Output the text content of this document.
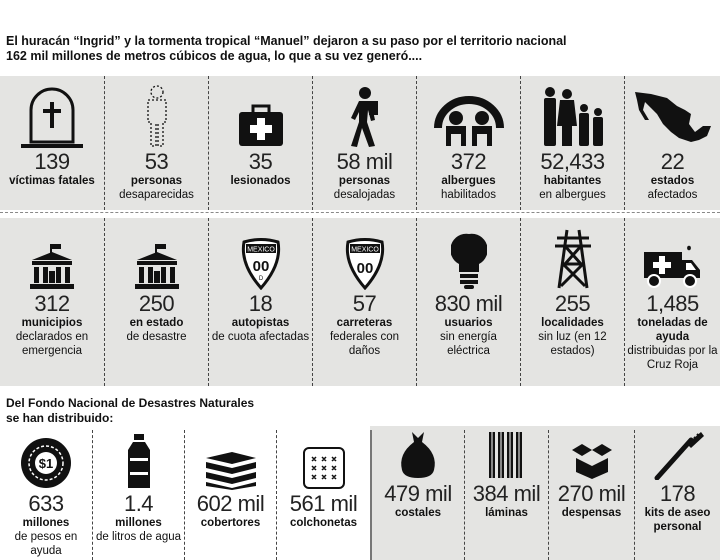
El huracán “Ingrid” y la tormenta tropical “Manuel” dejaron a su paso por el territorio nacional
162 mil millones de metros cúbicos de agua, lo que a su vez generó....
139
víctimas fatales
53
personas
desaparecidas
35
lesionados
58 mil
personas
desalojadas
372
albergues
habilitados
52,433
habitantes
en albergues
22
estados
afectados
312
municipios
declarados en emergencia
250
en estado
de desastre
MEXICO
00
D
18
autopistas
de cuota afectadas
MEXICO
00
57
carreteras
federales con daños
830 mil
usuarios
sin energía eléctrica
255
localidades
sin luz (en 12 estados)
1,485
toneladas de ayuda
distribuidas por la Cruz Roja
Del Fondo Nacional de Desastres Naturales
se han distribuido:
$1
633
millones
de pesos en ayuda
1.4
millones
de litros de agua
602 mil
cobertores
561 mil
colchonetas
479 mil
costales
384 mil
láminas
270 mil
despensas
178
kits de aseo personal
